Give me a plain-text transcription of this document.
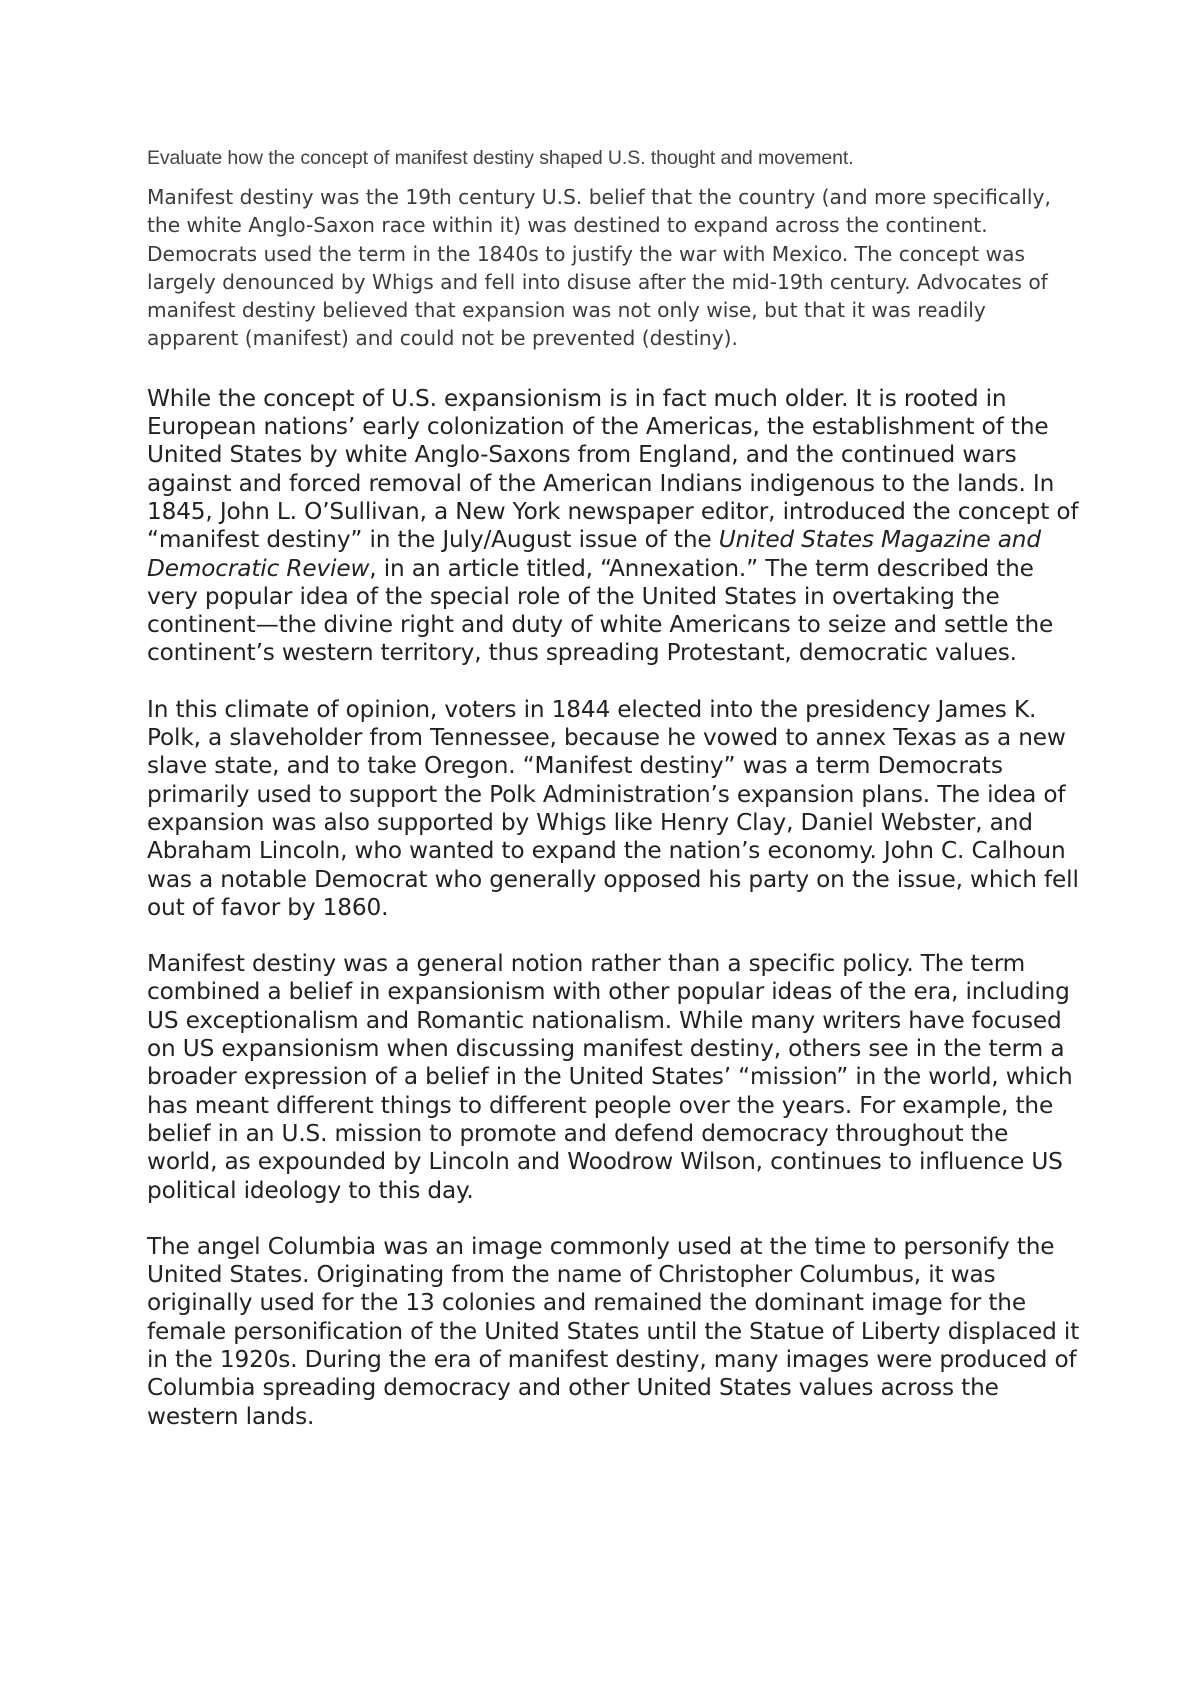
Evaluate how the concept of manifest destiny shaped U.S. thought and movement.

Manifest destiny was the 19th century U.S. belief that the country (and more specifically, the white Anglo-Saxon race within it) was destined to expand across the continent. Democrats used the term in the 1840s to justify the war with Mexico. The concept was largely denounced by Whigs and fell into disuse after the mid-19th century. Advocates of manifest destiny believed that expansion was not only wise, but that it was readily apparent (manifest) and could not be prevented (destiny).

While the concept of U.S. expansionism is in fact much older. It is rooted in European nations’ early colonization of the Americas, the establishment of the United States by white Anglo-Saxons from England, and the continued wars against and forced removal of the American Indians indigenous to the lands. In 1845, John L. O’Sullivan, a New York newspaper editor, introduced the concept of “manifest destiny” in the July/August issue of the United States Magazine and Democratic Review, in an article titled, “Annexation.” The term described the very popular idea of the special role of the United States in overtaking the continent—the divine right and duty of white Americans to seize and settle the continent’s western territory, thus spreading Protestant, democratic values.

In this climate of opinion, voters in 1844 elected into the presidency James K. Polk, a slaveholder from Tennessee, because he vowed to annex Texas as a new slave state, and to take Oregon. “Manifest destiny” was a term Democrats primarily used to support the Polk Administration’s expansion plans. The idea of expansion was also supported by Whigs like Henry Clay, Daniel Webster, and Abraham Lincoln, who wanted to expand the nation’s economy. John C. Calhoun was a notable Democrat who generally opposed his party on the issue, which fell out of favor by 1860.

Manifest destiny was a general notion rather than a specific policy. The term combined a belief in expansionism with other popular ideas of the era, including US exceptionalism and Romantic nationalism. While many writers have focused on US expansionism when discussing manifest destiny, others see in the term a broader expression of a belief in the United States’ “mission” in the world, which has meant different things to different people over the years. For example, the belief in an U.S. mission to promote and defend democracy throughout the world, as expounded by Lincoln and Woodrow Wilson, continues to influence US political ideology to this day.

The angel Columbia was an image commonly used at the time to personify the United States. Originating from the name of Christopher Columbus, it was originally used for the 13 colonies and remained the dominant image for the female personification of the United States until the Statue of Liberty displaced it in the 1920s. During the era of manifest destiny, many images were produced of Columbia spreading democracy and other United States values across the western lands.
